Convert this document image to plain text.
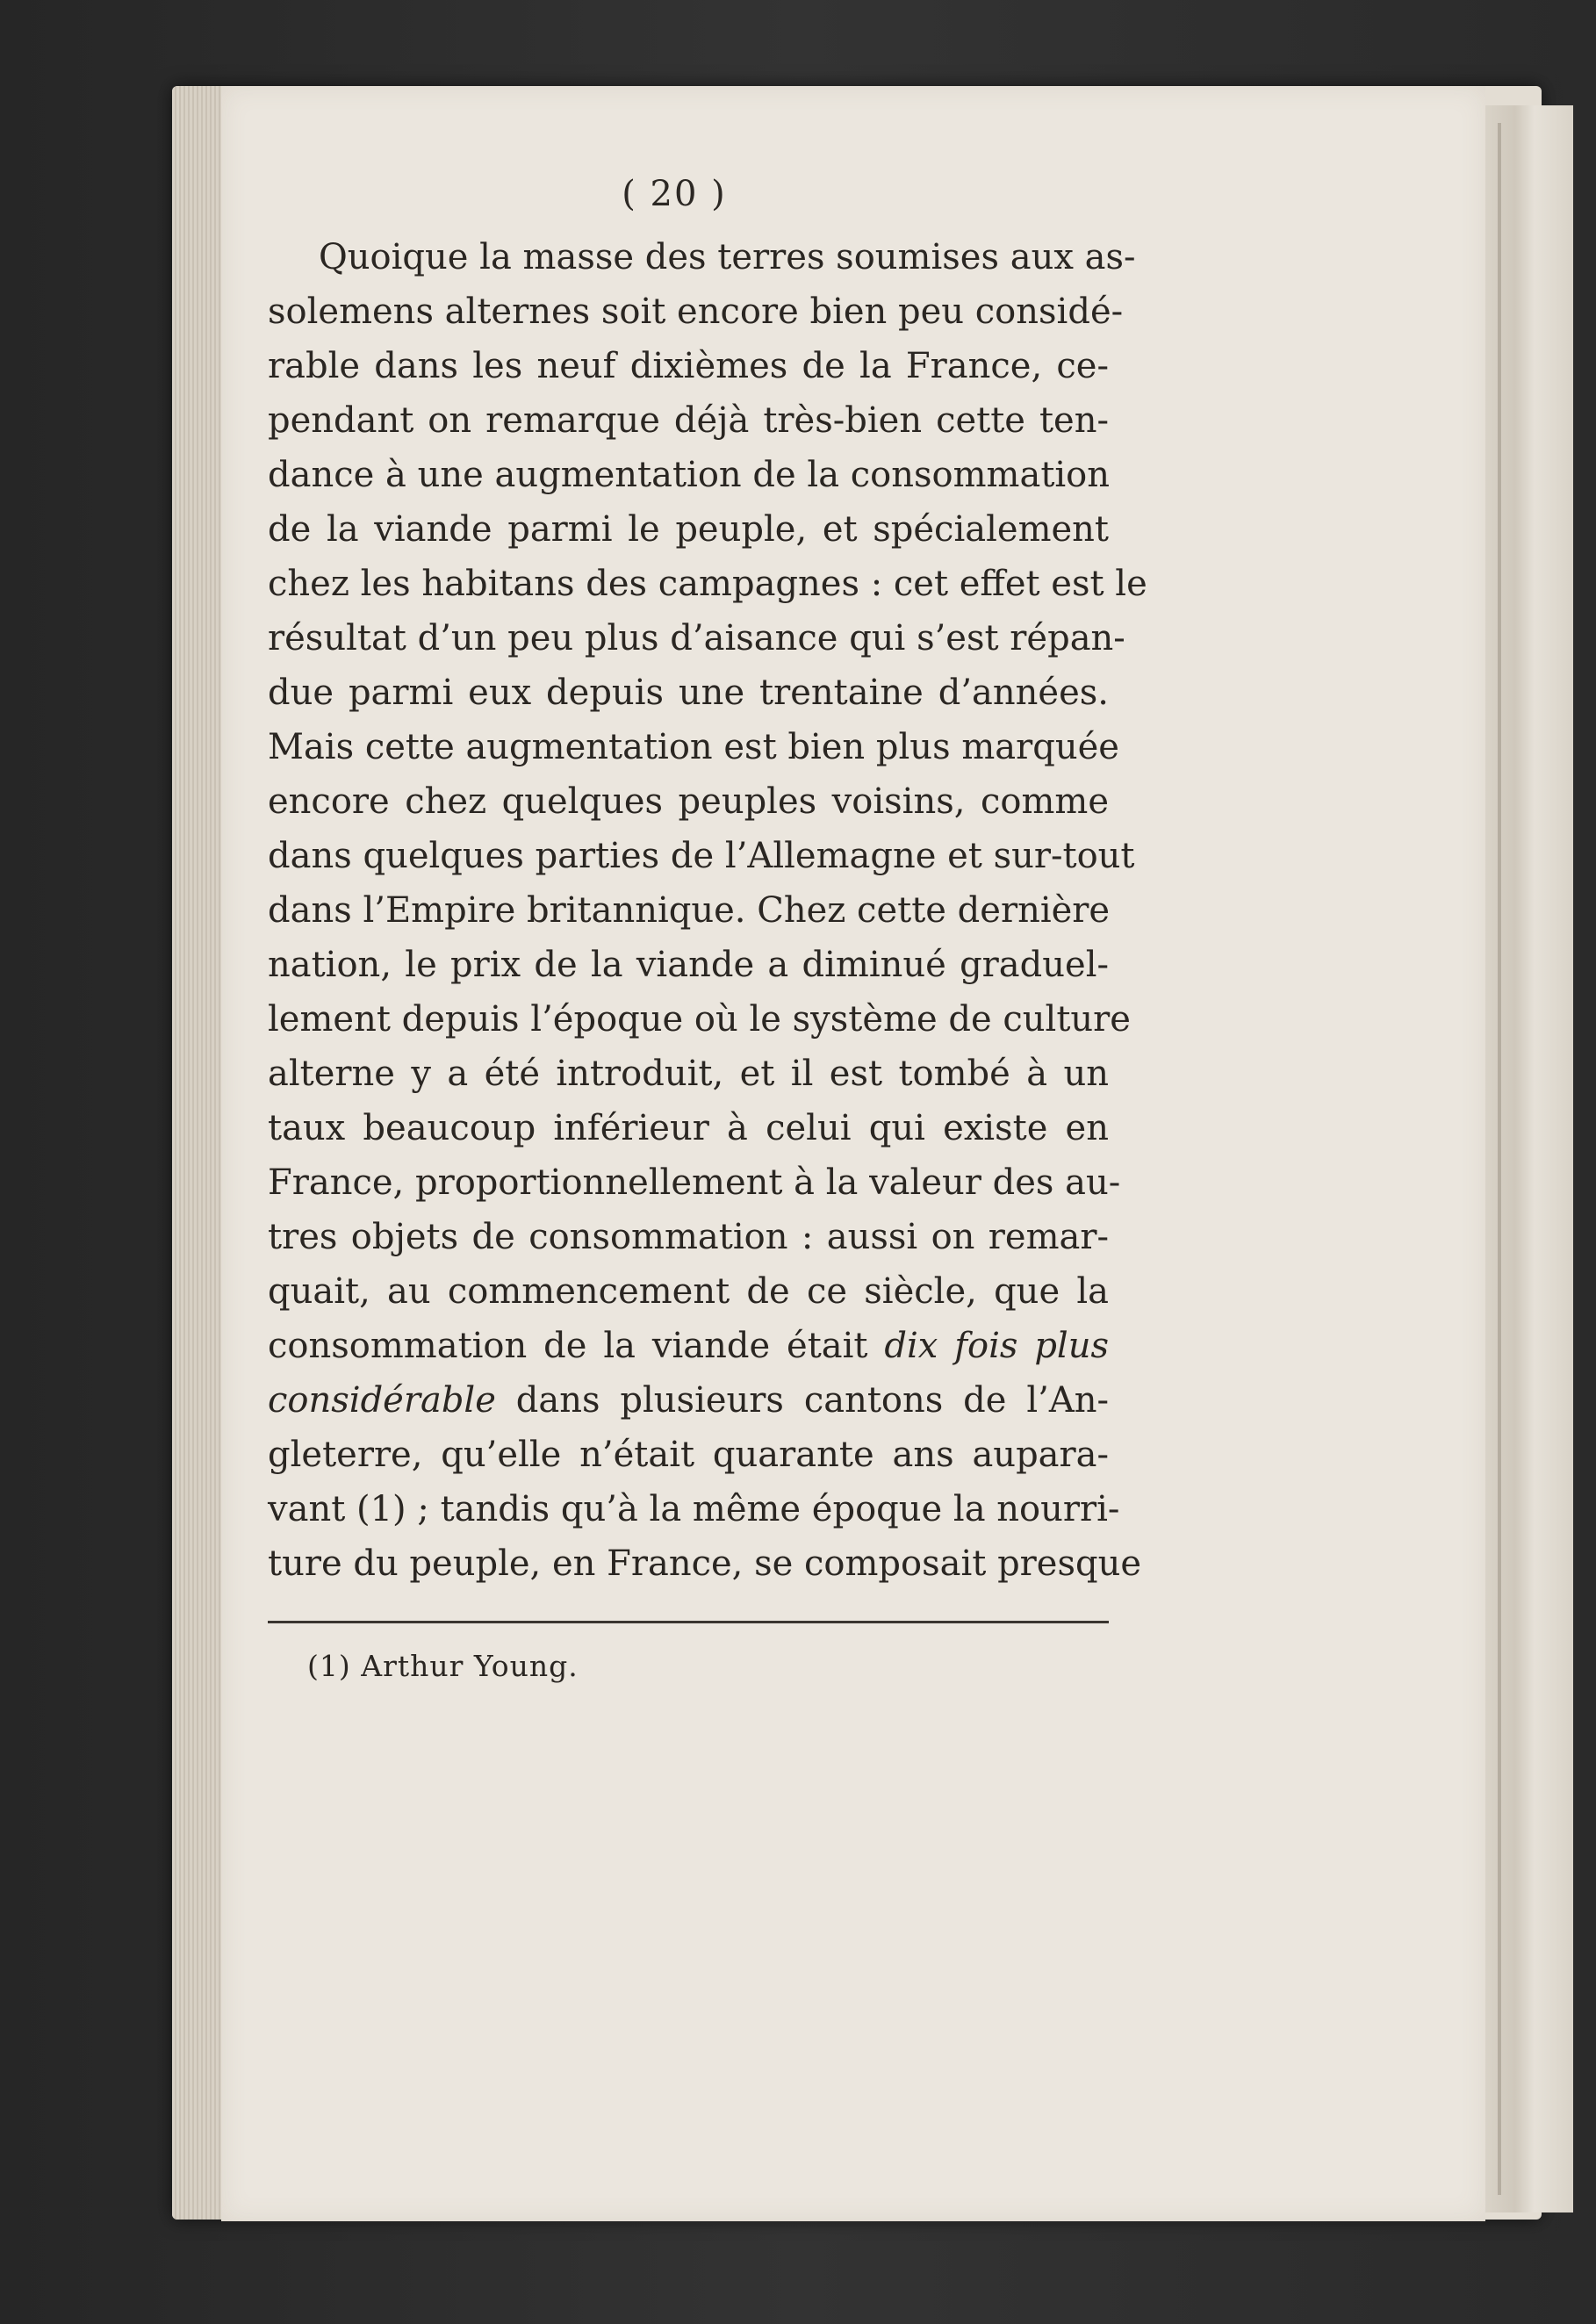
( 20 )
Quoique la masse des terres soumises aux as-
solemens alternes soit encore bien peu considé-
rable dans les neuf dixièmes de la France, ce-
pendant on remarque déjà très-bien cette ten-
dance à une augmentation de la consommation
de la viande parmi le peuple, et spécialement
chez les habitans des campagnes : cet effet est le
résultat d’un peu plus d’aisance qui s’est répan-
due parmi eux depuis une trentaine d’années.
Mais cette augmentation est bien plus marquée
encore chez quelques peuples voisins, comme
dans quelques parties de l’Allemagne et sur-tout
dans l’Empire britannique. Chez cette dernière
nation, le prix de la viande a diminué graduel-
lement depuis l’époque où le système de culture
alterne y a été introduit, et il est tombé à un
taux beaucoup inférieur à celui qui existe en
France, proportionnellement à la valeur des au-
tres objets de consommation : aussi on remar-
quait, au commencement de ce siècle, que la
consommation de la viande était dix fois plus
considérable dans plusieurs cantons de l’An-
gleterre, qu’elle n’était quarante ans aupara-
vant (1) ; tandis qu’à la même époque la nourri-
ture du peuple, en France, se composait presque
(1) Arthur Young.
